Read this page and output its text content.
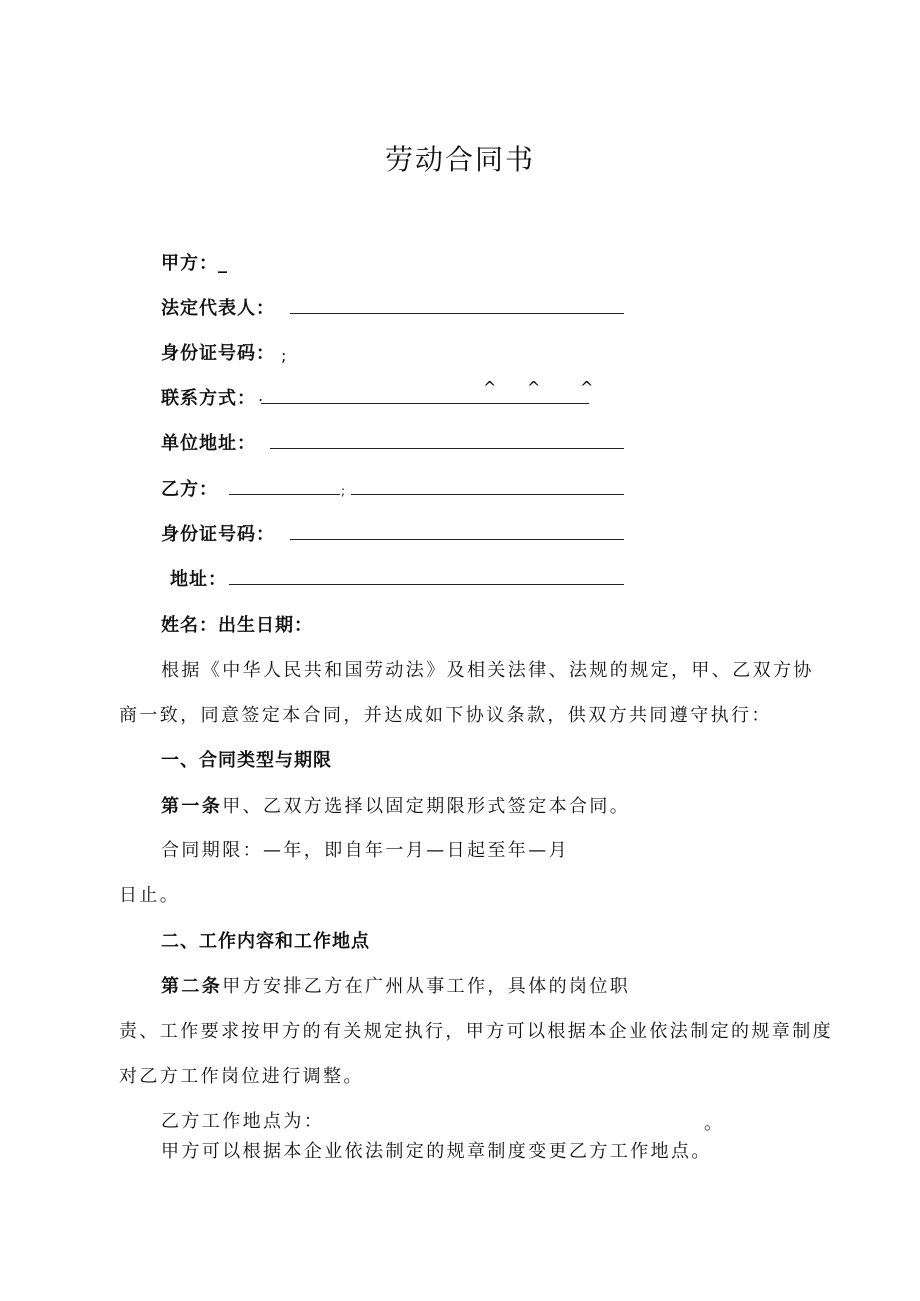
劳动合同书
甲方：_
法定代表人：
身份证号码： ;
联系方式： .	^ ^ ^
单位地址：
乙方：	;
身份证号码：
地址：
姓名：出生日期：
根据《中华人民共和国劳动法》及相关法律、法规的规定，甲、乙双方协
商一致，同意签定本合同，并达成如下协议条款，供双方共同遵守执行：
一、合同类型与期限
第一条甲、乙双方选择以固定期限形式签定本合同。
合同期限：—年，即自年一月—日起至年—月
日止。
二、工作内容和工作地点
第二条甲方安排乙方在广州从事工作，具体的岗位职
责、工作要求按甲方的有关规定执行，甲方可以根据本企业依法制定的规章制度
对乙方工作岗位进行调整。
乙方工作地点为：	。
甲方可以根据本企业依法制定的规章制度变更乙方工作地点。
